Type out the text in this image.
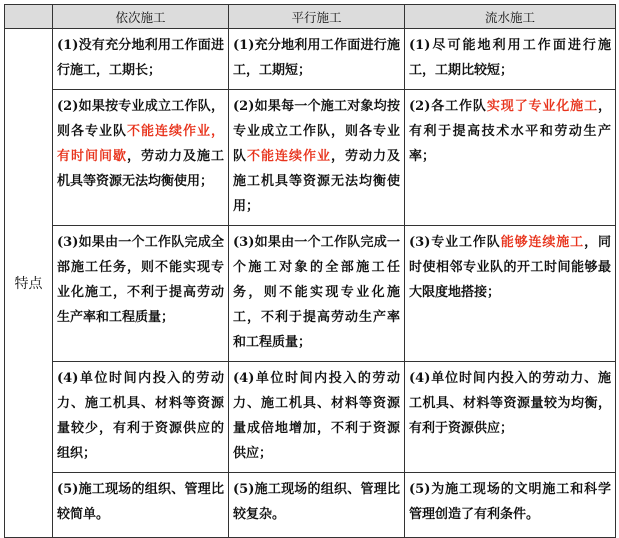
	依次施工	平行施工	流水施工
特点	(1)没有充分地利用工作面进行施工，工期长；	(1)充分地利用工作面进行施工，工期短；	(1)尽可能地利用工作面进行施工，工期比较短；
	(2)如果按专业成立工作队，则各专业队不能连续作业，有时间间歇，劳动力及施工机具等资源无法均衡使用；	(2)如果每一个施工对象均按专业成立工作队，则各专业队不能连续作业，劳动力及施工机具等资源无法均衡使用；	(2)各工作队实现了专业化施工，有利于提高技术水平和劳动生产率；
	(3)如果由一个工作队完成全部施工任务，则不能实现专业化施工，不利于提高劳动生产率和工程质量；	(3)如果由一个工作队完成一个施工对象的全部施工任务，则不能实现专业化施工，不利于提高劳动生产率和工程质量；	(3)专业工作队能够连续施工，同时使相邻专业队的开工时间能够最大限度地搭接；
	(4)单位时间内投入的劳动力、施工机具、材料等资源量较少，有利于资源供应的组织；	(4)单位时间内投入的劳动力、施工机具、材料等资源量成倍地增加，不利于资源供应；	(4)单位时间内投入的劳动力、施工机具、材料等资源量较为均衡，有利于资源供应；
	(5)施工现场的组织、管理比较简单。	(5)施工现场的组织、管理比较复杂。	(5)为施工现场的文明施工和科学管理创造了有利条件。
